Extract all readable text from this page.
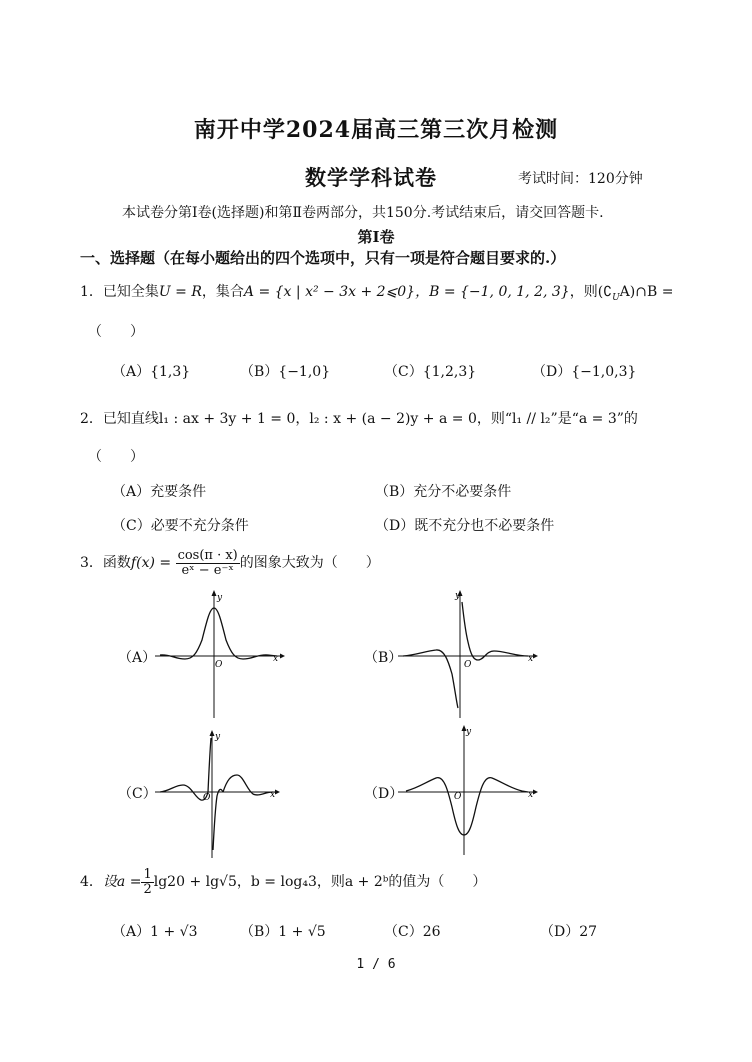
南开中学2024届高三第三次月检测
数学学科试卷	考试时间：120分钟
本试卷分第Ⅰ卷(选择题)和第Ⅱ卷两部分，共150分.考试结束后，请交回答题卡.
第Ⅰ卷
一、选择题（在每小题给出的四个选项中，只有一项是符合题目要求的.）
1．已知全集U = R，集合A = {x | x² − 3x + 2⩽0}，B = {−1, 0, 1, 2, 3}，则$(∁_UA)\cap B$ =
（　　）
（A）{1,3}	（B）{−1,0}	（C）{1,2,3}	（D）{−1,0,3}
2．已知直线l₁ : ax + 3y + 1 = 0，l₂ : x + (a − 2)y + a = 0，则“l₁ // l₂”是“a = 3”的
（　　）
（A）充要条件	（B）充分不必要条件
（C）必要不充分条件	（D）既不充分也不必要条件
3．函数$f(x) = \frac{\cos(\pi \cdot x)}{\text{eˣ − e⁻ˣ}}$ 的图象大致为（　　）
（A）	（B）
（C）	（D）
y
x
O
y
x
O
y
x
O
y
x
O
4．设$a = \frac{1}{2} \lg 20 + \lg√5$，b = log₄3，则a + 2ᵇ的值为（　　）
（A）1 + √3	（B）1 + √5	（C）26	（D）27
1 / 6
